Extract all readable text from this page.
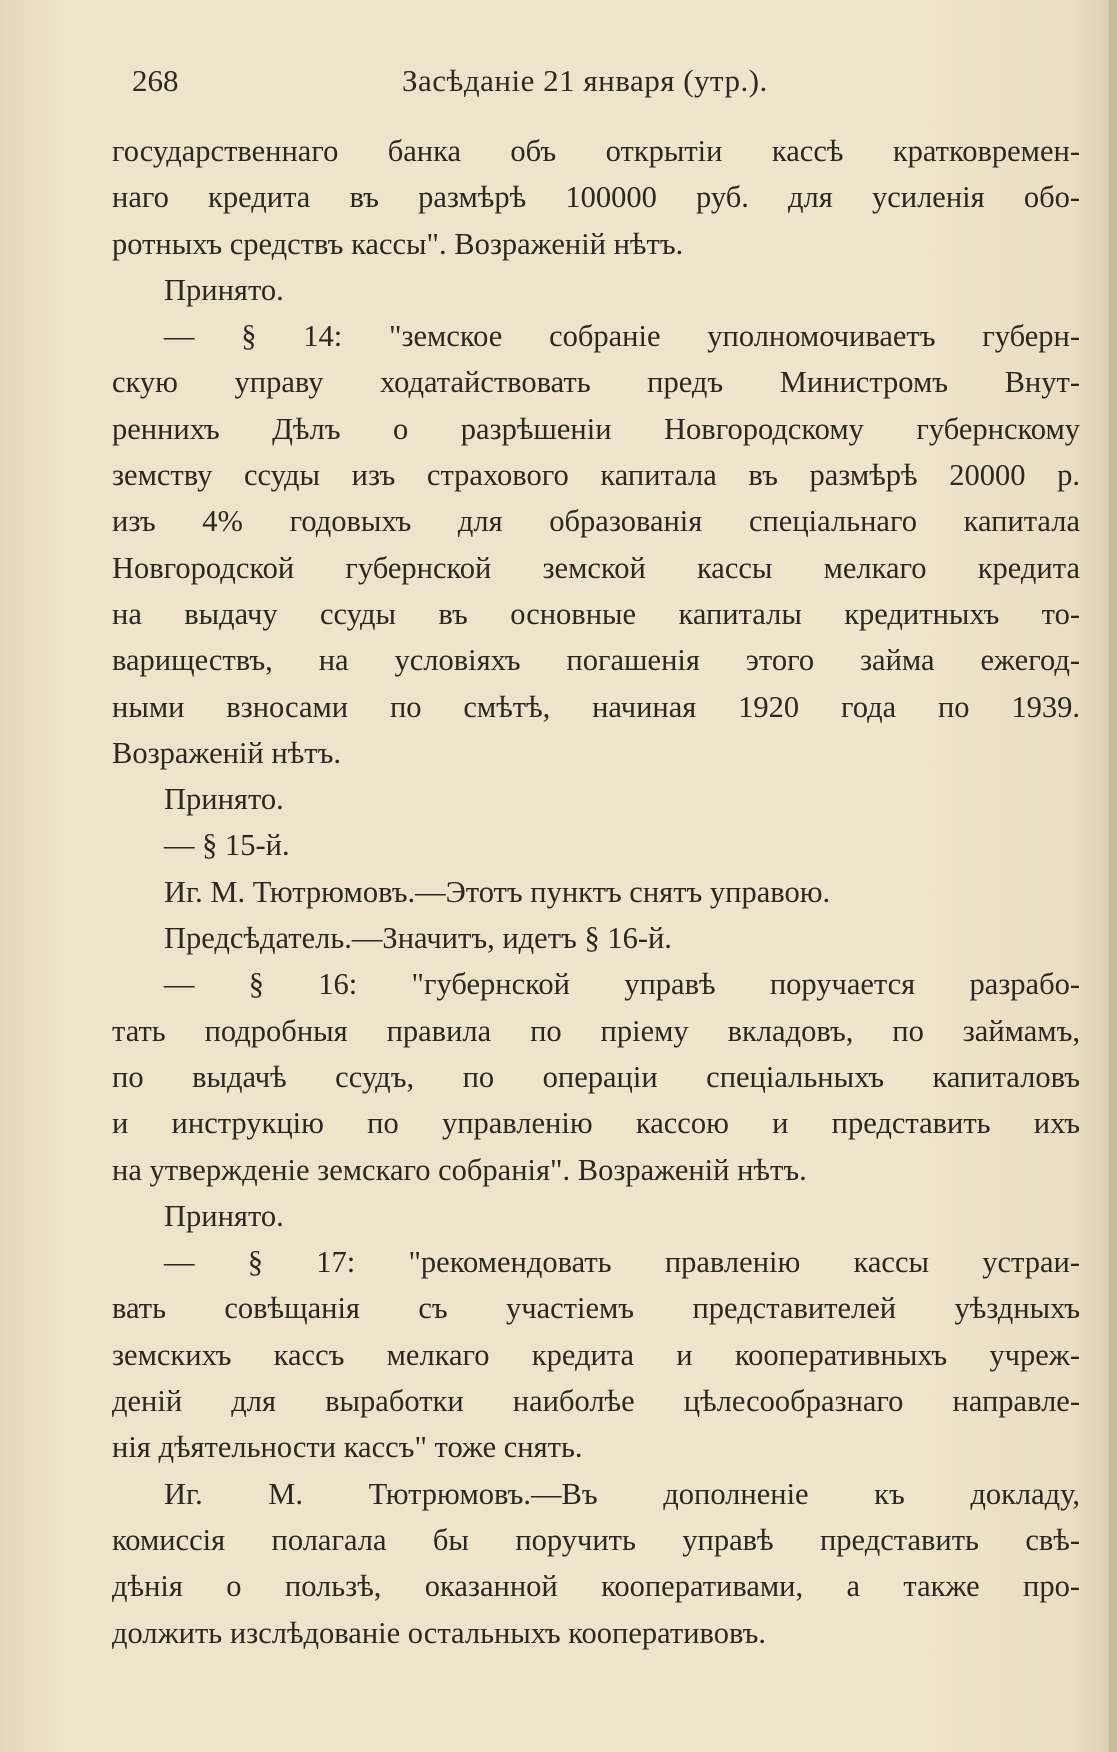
268	Засѣданіе 21 января (утр.).
государственнаго банка объ открытіи кассѣ кратковремен-
наго кредита въ размѣрѣ 100000 руб. для усиленія обо-
ротныхъ средствъ кассы". Возраженій нѣтъ.
Принято.
— § 14: "земское собраніе уполномочиваетъ губерн-
скую управу ходатайствовать предъ Министромъ Внут-
реннихъ Дѣлъ о разрѣшеніи Новгородскому губернскому
земству ссуды изъ страхового капитала въ размѣрѣ 20000 р.
изъ 4% годовыхъ для образованія спеціальнаго капитала
Новгородской губернской земской кассы мелкаго кредита
на выдачу ссуды въ основные капиталы кредитныхъ то-
вариществъ, на условіяхъ погашенія этого займа ежегод-
ными взносами по смѣтѣ, начиная 1920 года по 1939.
Возраженій нѣтъ.
Принято.
— § 15-й.
Иг. М. Тютрюмовъ.—Этотъ пунктъ снятъ управою.
Предсѣдатель.—Значитъ, идетъ § 16-й.
— § 16: "губернской управѣ поручается разрабо-
тать подробныя правила по пріему вкладовъ, по займамъ,
по выдачѣ ссудъ, по операціи спеціальныхъ капиталовъ
и инструкцію по управленію кассою и представить ихъ
на утвержденіе земскаго собранія". Возраженій нѣтъ.
Принято.
— § 17: "рекомендовать правленію кассы устраи-
вать совѣщанія съ участіемъ представителей уѣздныхъ
земскихъ кассъ мелкаго кредита и кооперативныхъ учреж-
деній для выработки наиболѣе цѣлесообразнаго направле-
нія дѣятельности кассъ" тоже снять.
Иг. М. Тютрюмовъ.—Въ дополненіе къ докладу,
комиссія полагала бы поручить управѣ представить свѣ-
дѣнія о пользѣ, оказанной кооперативами, а также про-
должить изслѣдованіе остальныхъ кооперативовъ.
